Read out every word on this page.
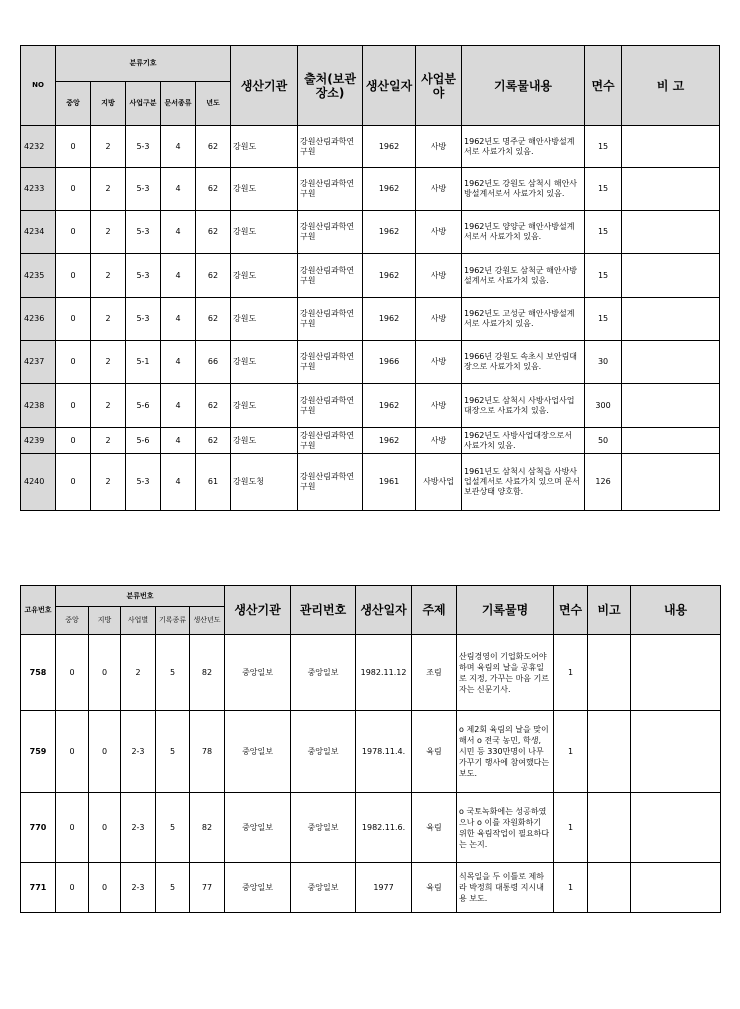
NO	분류기호					생산기관	출처(보관장소)	생산일자	사업분야	기록물내용	면수	비 고
	중앙	지방	사업구분	문서종류	년도							
4232	0	2	5-3	4	62	강원도	강원산림과학연구원	1962	사방	1962년도 명주군 해안사방설계서로 사료가치 있음.	15	
4233	0	2	5-3	4	62	강원도	강원산림과학연구원	1962	사방	1962년도 강원도 삼척시 해안사방설계서로서 사료가치 있음.	15	
4234	0	2	5-3	4	62	강원도	강원산림과학연구원	1962	사방	1962년도 양양군 해안사방설계서로서 사료가치 있음.	15	
4235	0	2	5-3	4	62	강원도	강원산림과학연구원	1962	사방	1962년 강원도 삼척군 해안사방설계서로 사료가치 있음.	15	
4236	0	2	5-3	4	62	강원도	강원산림과학연구원	1962	사방	1962년도 고성군 해안사방설계서로 사료가치 있음.	15	
4237	0	2	5-1	4	66	강원도	강원산림과학연구원	1966	사방	1966년 강원도 속초시 보안림대장으로 사료가치 있음.	30	
4238	0	2	5-6	4	62	강원도	강원산림과학연구원	1962	사방	1962년도 삼척시 사방사업사업대장으로 사료가치 있음.	300	
4239	0	2	5-6	4	62	강원도	강원산림과학연구원	1962	사방	1962년도 사방사업대장으로서 사료가치 있음.	50	
4240	0	2	5-3	4	61	강원도청	강원산림과학연구원	1961	사방사업	1961년도 삼척시 삼척읍 사방사업설계서로 사료가치 있으며 문서 보관상태 양호함.	126	
고유번호	분류번호					생산기관	관리번호	생산일자	주제	기록물명	면수	비고	내용
	중앙	지방	사업별	기록종류	생산년도								
758	0	0	2	5	82	중앙일보	중앙일보	1982.11.12	조림	산림경영이 기업화도어야하며 육림의 날을 공휴일로 지정, 가꾸는 마음 기르자는 신문기사.	1		
759	0	0	2-3	5	78	중앙일보	중앙일보	1978.11.4.	육림	o 제2회 육림의 날을 맞이해서 o 전국 농민, 학생, 시민 등 330만명이 나무가꾸기 행사에 참여했다는 보도.	1		
770	0	0	2-3	5	82	중앙일보	중앙일보	1982.11.6.	육림	o 국토녹화에는 성공하였으나 o 이를 자원화하기 위한 육림작업이 필요하다는 논지.	1		
771	0	0	2-3	5	77	중앙일보	중앙일보	1977	육림	식목일을 두 이틀로 제하라 박정희 대통령 지시내용 보도.	1		
